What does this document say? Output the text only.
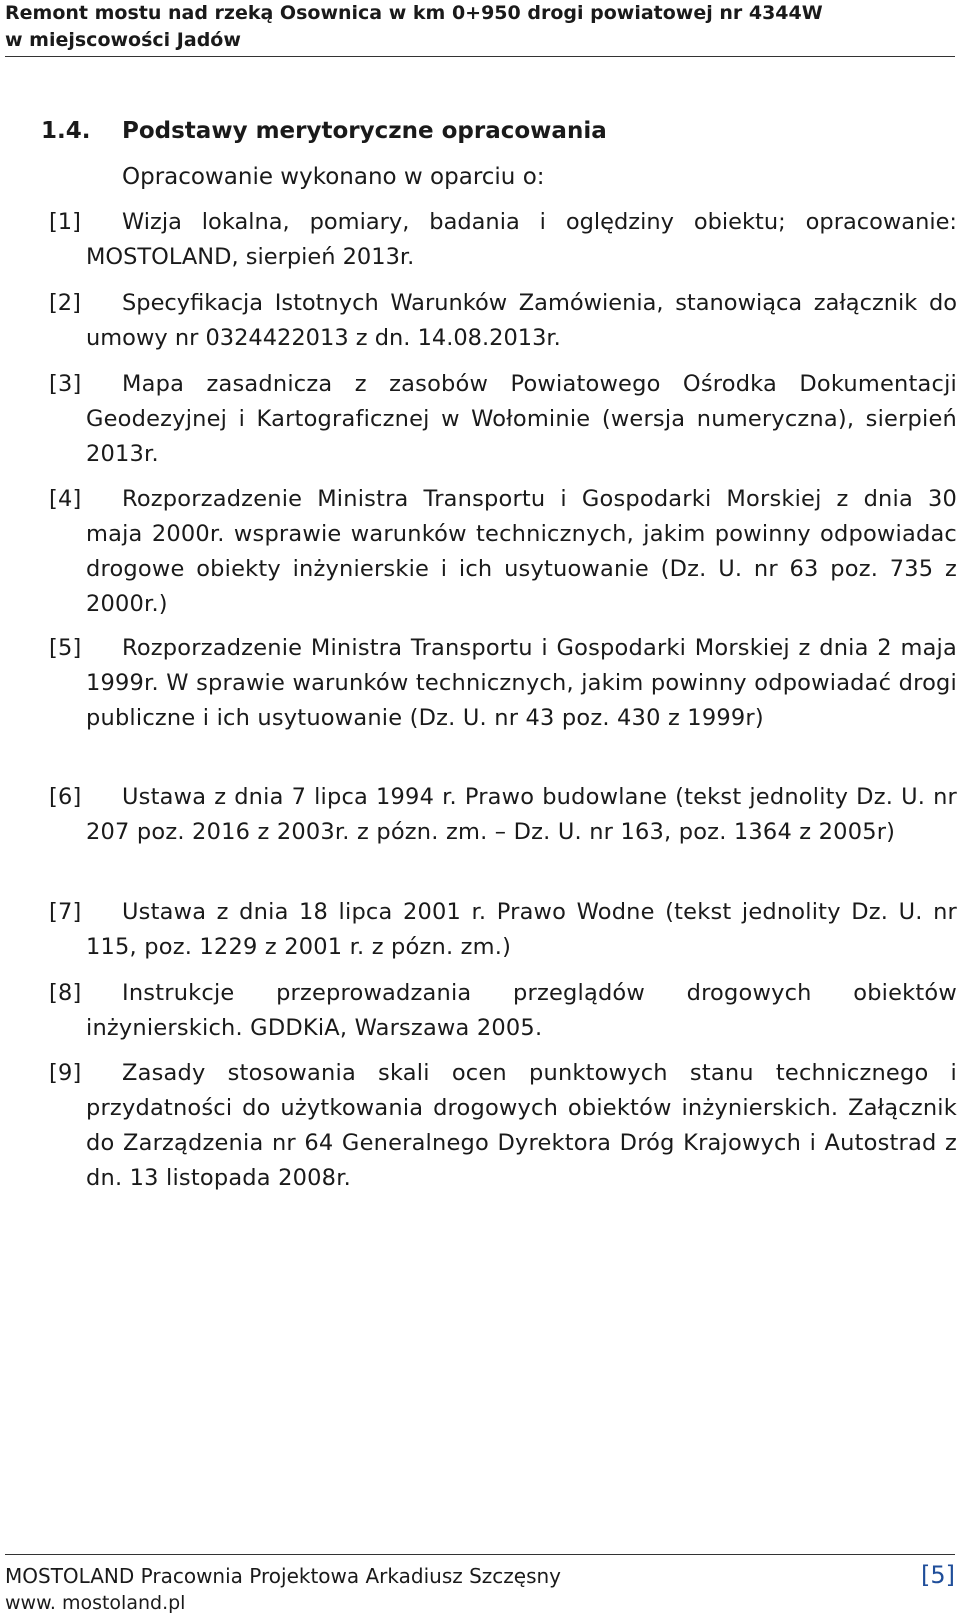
Remont mostu nad rzeką Osownica w km 0+950 drogi powiatowej nr 4344W
w miejscowości Jadów
1.4. Podstawy merytoryczne opracowania
Opracowanie wykonano w oparciu o:
[1]	Wizja lokalna, pomiary, badania i oględziny obiektu; opracowanie: MOSTOLAND, sierpień 2013r.
[2]	Specyfikacja Istotnych Warunków Zamówienia, stanowiąca załącznik do umowy nr 0324422013 z dn. 14.08.2013r.
[3]	Mapa zasadnicza z zasobów Powiatowego Ośrodka Dokumentacji Geodezyjnej i Kartograficznej w Wołominie (wersja numeryczna), sierpień 2013r.
[4]	Rozporzadzenie Ministra Transportu i Gospodarki Morskiej z dnia 30 maja 2000r. wsprawie warunków technicznych, jakim powinny odpowiadac drogowe obiekty inżynierskie i ich usytuowanie (Dz. U. nr 63 poz. 735 z 2000r.)
[5]	Rozporzadzenie Ministra Transportu i Gospodarki Morskiej z dnia 2 maja 1999r. W sprawie warunków technicznych, jakim powinny odpowiadać drogi publiczne i ich usytuowanie (Dz. U. nr 43 poz. 430 z 1999r)
[6]	Ustawa z dnia 7 lipca 1994 r. Prawo budowlane (tekst jednolity Dz. U. nr 207 poz. 2016 z 2003r. z pózn. zm. – Dz. U. nr 163, poz. 1364 z 2005r)
[7]	Ustawa z dnia 18 lipca 2001 r. Prawo Wodne (tekst jednolity Dz. U. nr 115, poz. 1229 z 2001 r. z pózn. zm.)
[8]	Instrukcje przeprowadzania przeglądów drogowych obiektów inżynierskich. GDDKiA, Warszawa 2005.
[9]	Zasady stosowania skali ocen punktowych stanu technicznego i przydatności do użytkowania drogowych obiektów inżynierskich. Załącznik do Zarządzenia nr 64 Generalnego Dyrektora Dróg Krajowych i Autostrad z dn. 13 listopada 2008r.
MOSTOLAND Pracownia Projektowa Arkadiusz Szczęsny	[5]
www. mostoland.pl
